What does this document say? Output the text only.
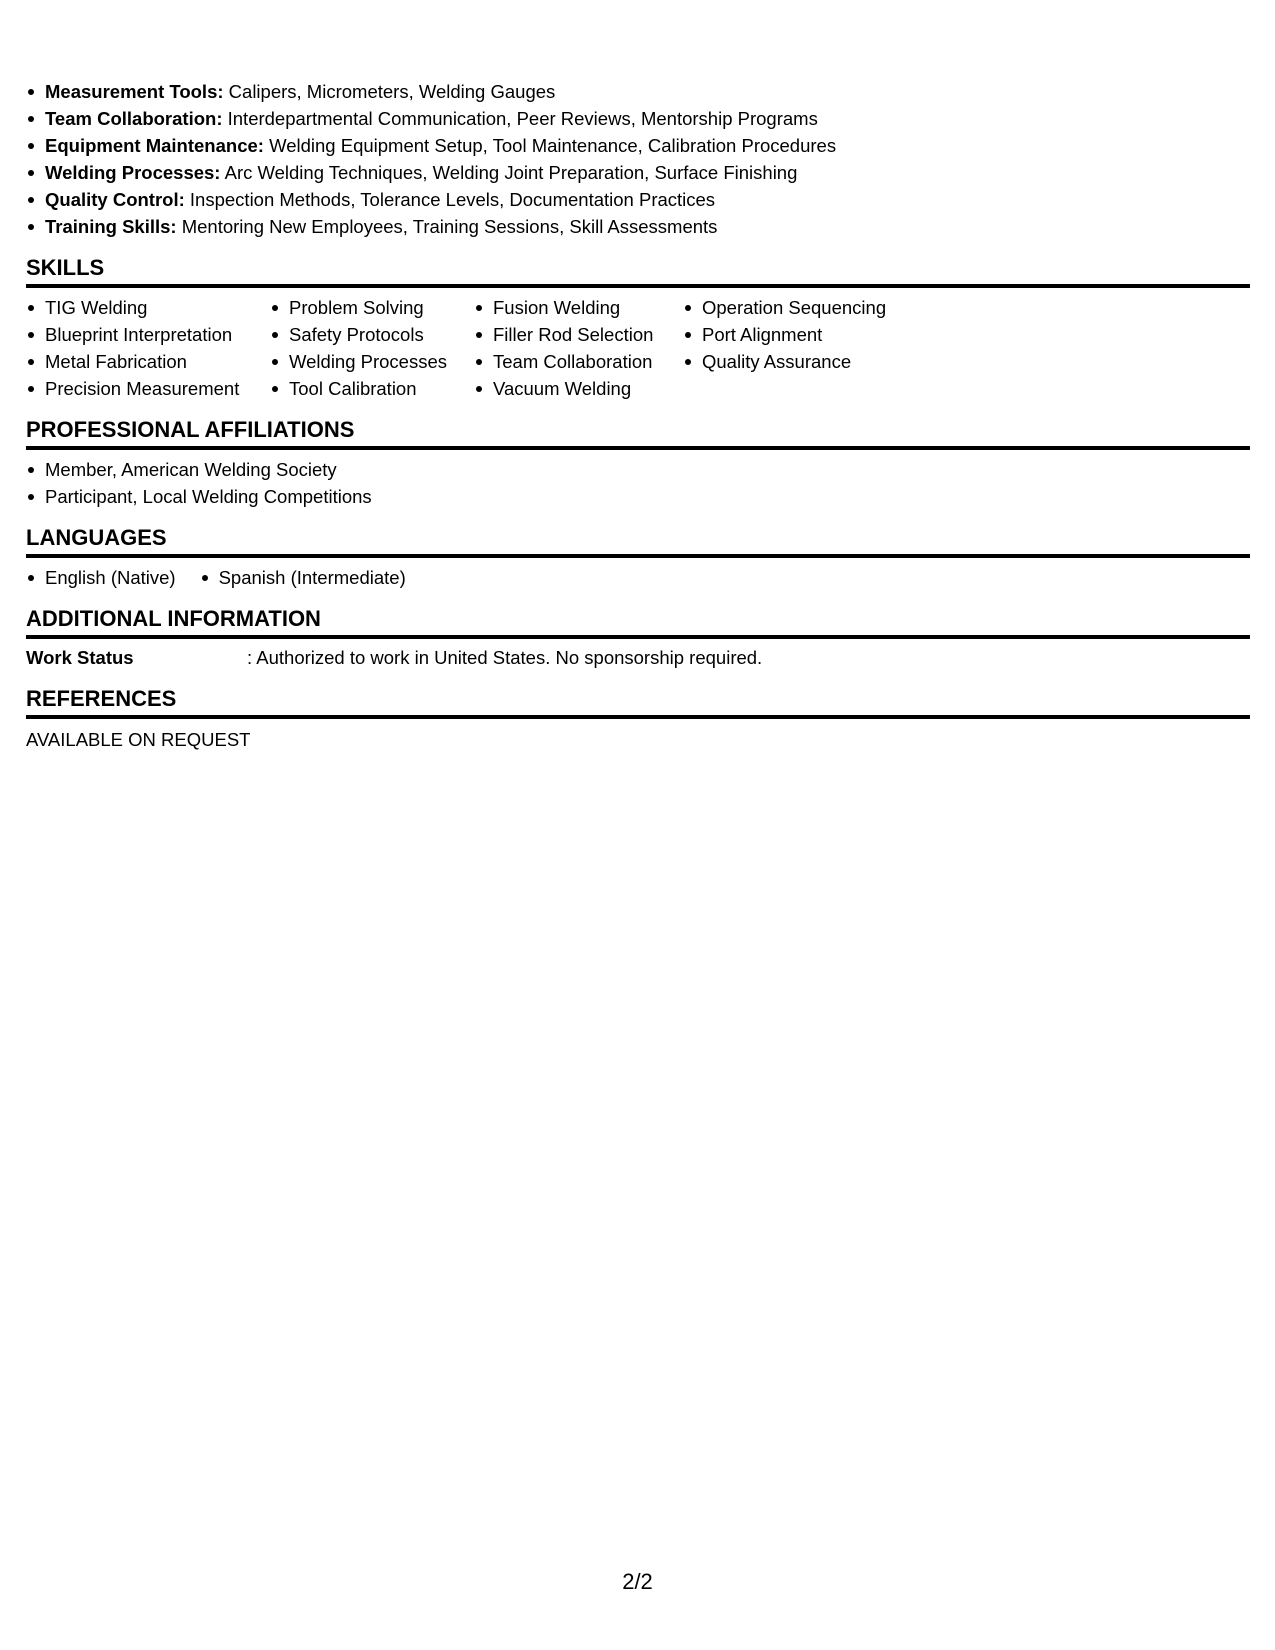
Measurement Tools: Calipers, Micrometers, Welding Gauges
Team Collaboration: Interdepartmental Communication, Peer Reviews, Mentorship Programs
Equipment Maintenance: Welding Equipment Setup, Tool Maintenance, Calibration Procedures
Welding Processes: Arc Welding Techniques, Welding Joint Preparation, Surface Finishing
Quality Control: Inspection Methods, Tolerance Levels, Documentation Practices
Training Skills: Mentoring New Employees, Training Sessions, Skill Assessments
SKILLS
TIG Welding
Blueprint Interpretation
Metal Fabrication
Precision Measurement
Problem Solving
Safety Protocols
Welding Processes
Tool Calibration
Fusion Welding
Filler Rod Selection
Team Collaboration
Vacuum Welding
Operation Sequencing
Port Alignment
Quality Assurance
PROFESSIONAL AFFILIATIONS
Member, American Welding Society
Participant, Local Welding Competitions
LANGUAGES
English (Native)	Spanish (Intermediate)
ADDITIONAL INFORMATION
Work Status	: Authorized to work in United States. No sponsorship required.
REFERENCES
AVAILABLE ON REQUEST
2/2
